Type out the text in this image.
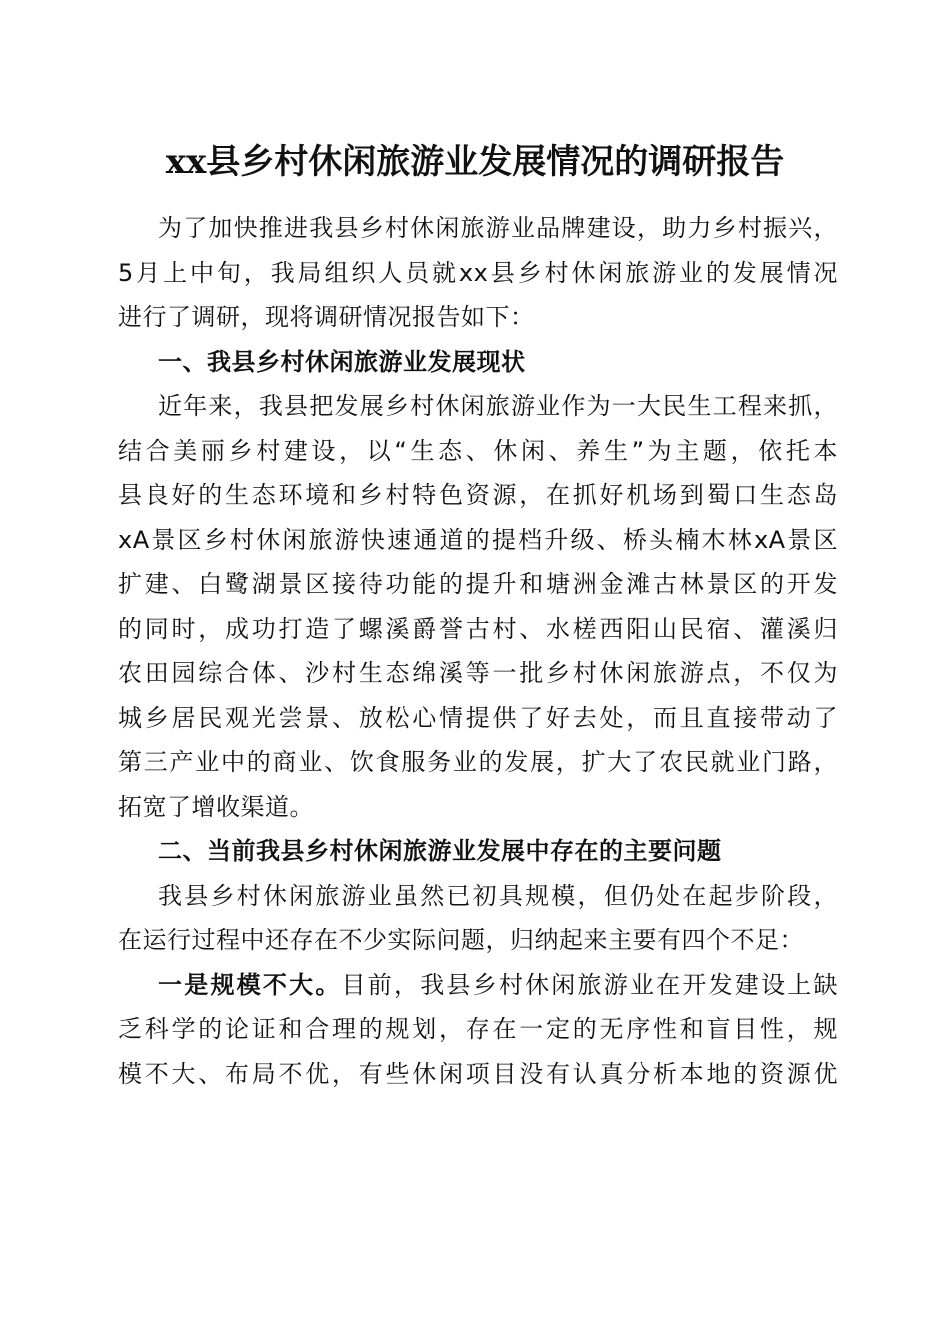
xx县乡村休闲旅游业发展情况的调研报告
为了加快推进我县乡村休闲旅游业品牌建设，助力乡村振兴，
5月上中旬，我局组织人员就xx县乡村休闲旅游业的发展情况
进行了调研，现将调研情况报告如下：
一、我县乡村休闲旅游业发展现状
近年来，我县把发展乡村休闲旅游业作为一大民生工程来抓，
结合美丽乡村建设，以“生态、休闲、养生”为主题，依托本
县良好的生态环境和乡村特色资源，在抓好机场到蜀口生态岛
xA景区乡村休闲旅游快速通道的提档升级、桥头楠木林xA景区
扩建、白鹭湖景区接待功能的提升和塘洲金滩古林景区的开发
的同时，成功打造了螺溪爵誉古村、水槎西阳山民宿、灌溪归
农田园综合体、沙村生态绵溪等一批乡村休闲旅游点，不仅为
城乡居民观光尝景、放松心情提供了好去处，而且直接带动了
第三产业中的商业、饮食服务业的发展，扩大了农民就业门路，
拓宽了增收渠道。
二、当前我县乡村休闲旅游业发展中存在的主要问题
我县乡村休闲旅游业虽然已初具规模，但仍处在起步阶段，
在运行过程中还存在不少实际问题，归纳起来主要有四个不足：
一是规模不大。目前，我县乡村休闲旅游业在开发建设上缺
乏科学的论证和合理的规划，存在一定的无序性和盲目性，规
模不大、布局不优，有些休闲项目没有认真分析本地的资源优
